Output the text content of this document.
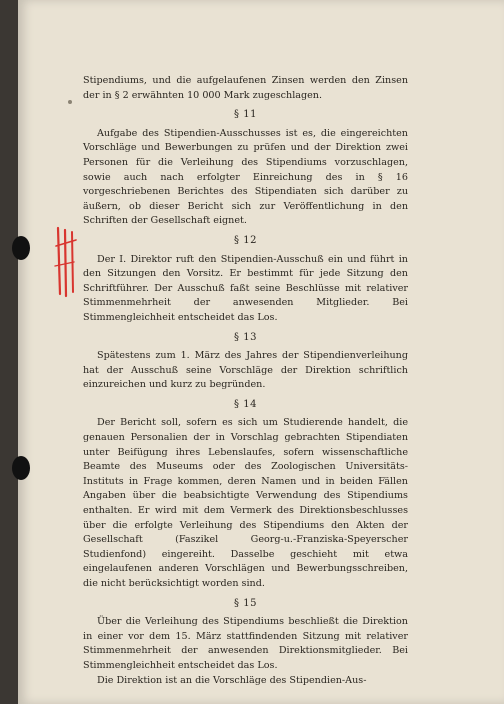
Stipendiums, und die aufgelaufenen Zinsen werden den Zinsen der in § 2 erwähnten 10 000 Mark zugeschlagen.

§ 11

Aufgabe des Stipendien-Ausschusses ist es, die eingereichten Vorschläge und Bewerbungen zu prüfen und der Direktion zwei Personen für die Verleihung des Stipendiums vorzuschlagen, sowie auch nach erfolgter Einreichung des in § 16 vorgeschriebenen Berichtes des Stipendiaten sich darüber zu äußern, ob dieser Bericht sich zur Veröffentlichung in den Schriften der Gesellschaft eignet.

§ 12

Der I. Direktor ruft den Stipendien-Ausschuß ein und führt in den Sitzungen den Vorsitz. Er bestimmt für jede Sitzung den Schriftführer. Der Ausschuß faßt seine Beschlüsse mit relativer Stimmenmehrheit der anwesenden Mitglieder. Bei Stimmengleichheit entscheidet das Los.

§ 13

Spätestens zum 1. März des Jahres der Stipendienverleihung hat der Ausschuß seine Vorschläge der Direktion schriftlich einzureichen und kurz zu begründen.

§ 14

Der Bericht soll, sofern es sich um Studierende handelt, die genauen Personalien der in Vorschlag gebrachten Stipendiaten unter Beifügung ihres Lebenslaufes, sofern wissenschaftliche Beamte des Museums oder des Zoologischen Universitäts-Instituts in Frage kommen, deren Namen und in beiden Fällen Angaben über die beabsichtigte Verwendung des Stipendiums enthalten. Er wird mit dem Vermerk des Direktionsbeschlusses über die erfolgte Verleihung des Stipendiums den Akten der Gesellschaft (Faszikel Georg-u.-Franziska-Speyerscher Studienfond) eingereiht. Dasselbe geschieht mit etwa eingelaufenen anderen Vorschlägen und Bewerbungsschreiben, die nicht berücksichtigt worden sind.

§ 15

Über die Verleihung des Stipendiums beschließt die Direktion in einer vor dem 15. März stattfindenden Sitzung mit relativer Stimmenmehrheit der anwesenden Direktionsmitglieder. Bei Stimmengleichheit entscheidet das Los.

Die Direktion ist an die Vorschläge des Stipendien-Aus-
